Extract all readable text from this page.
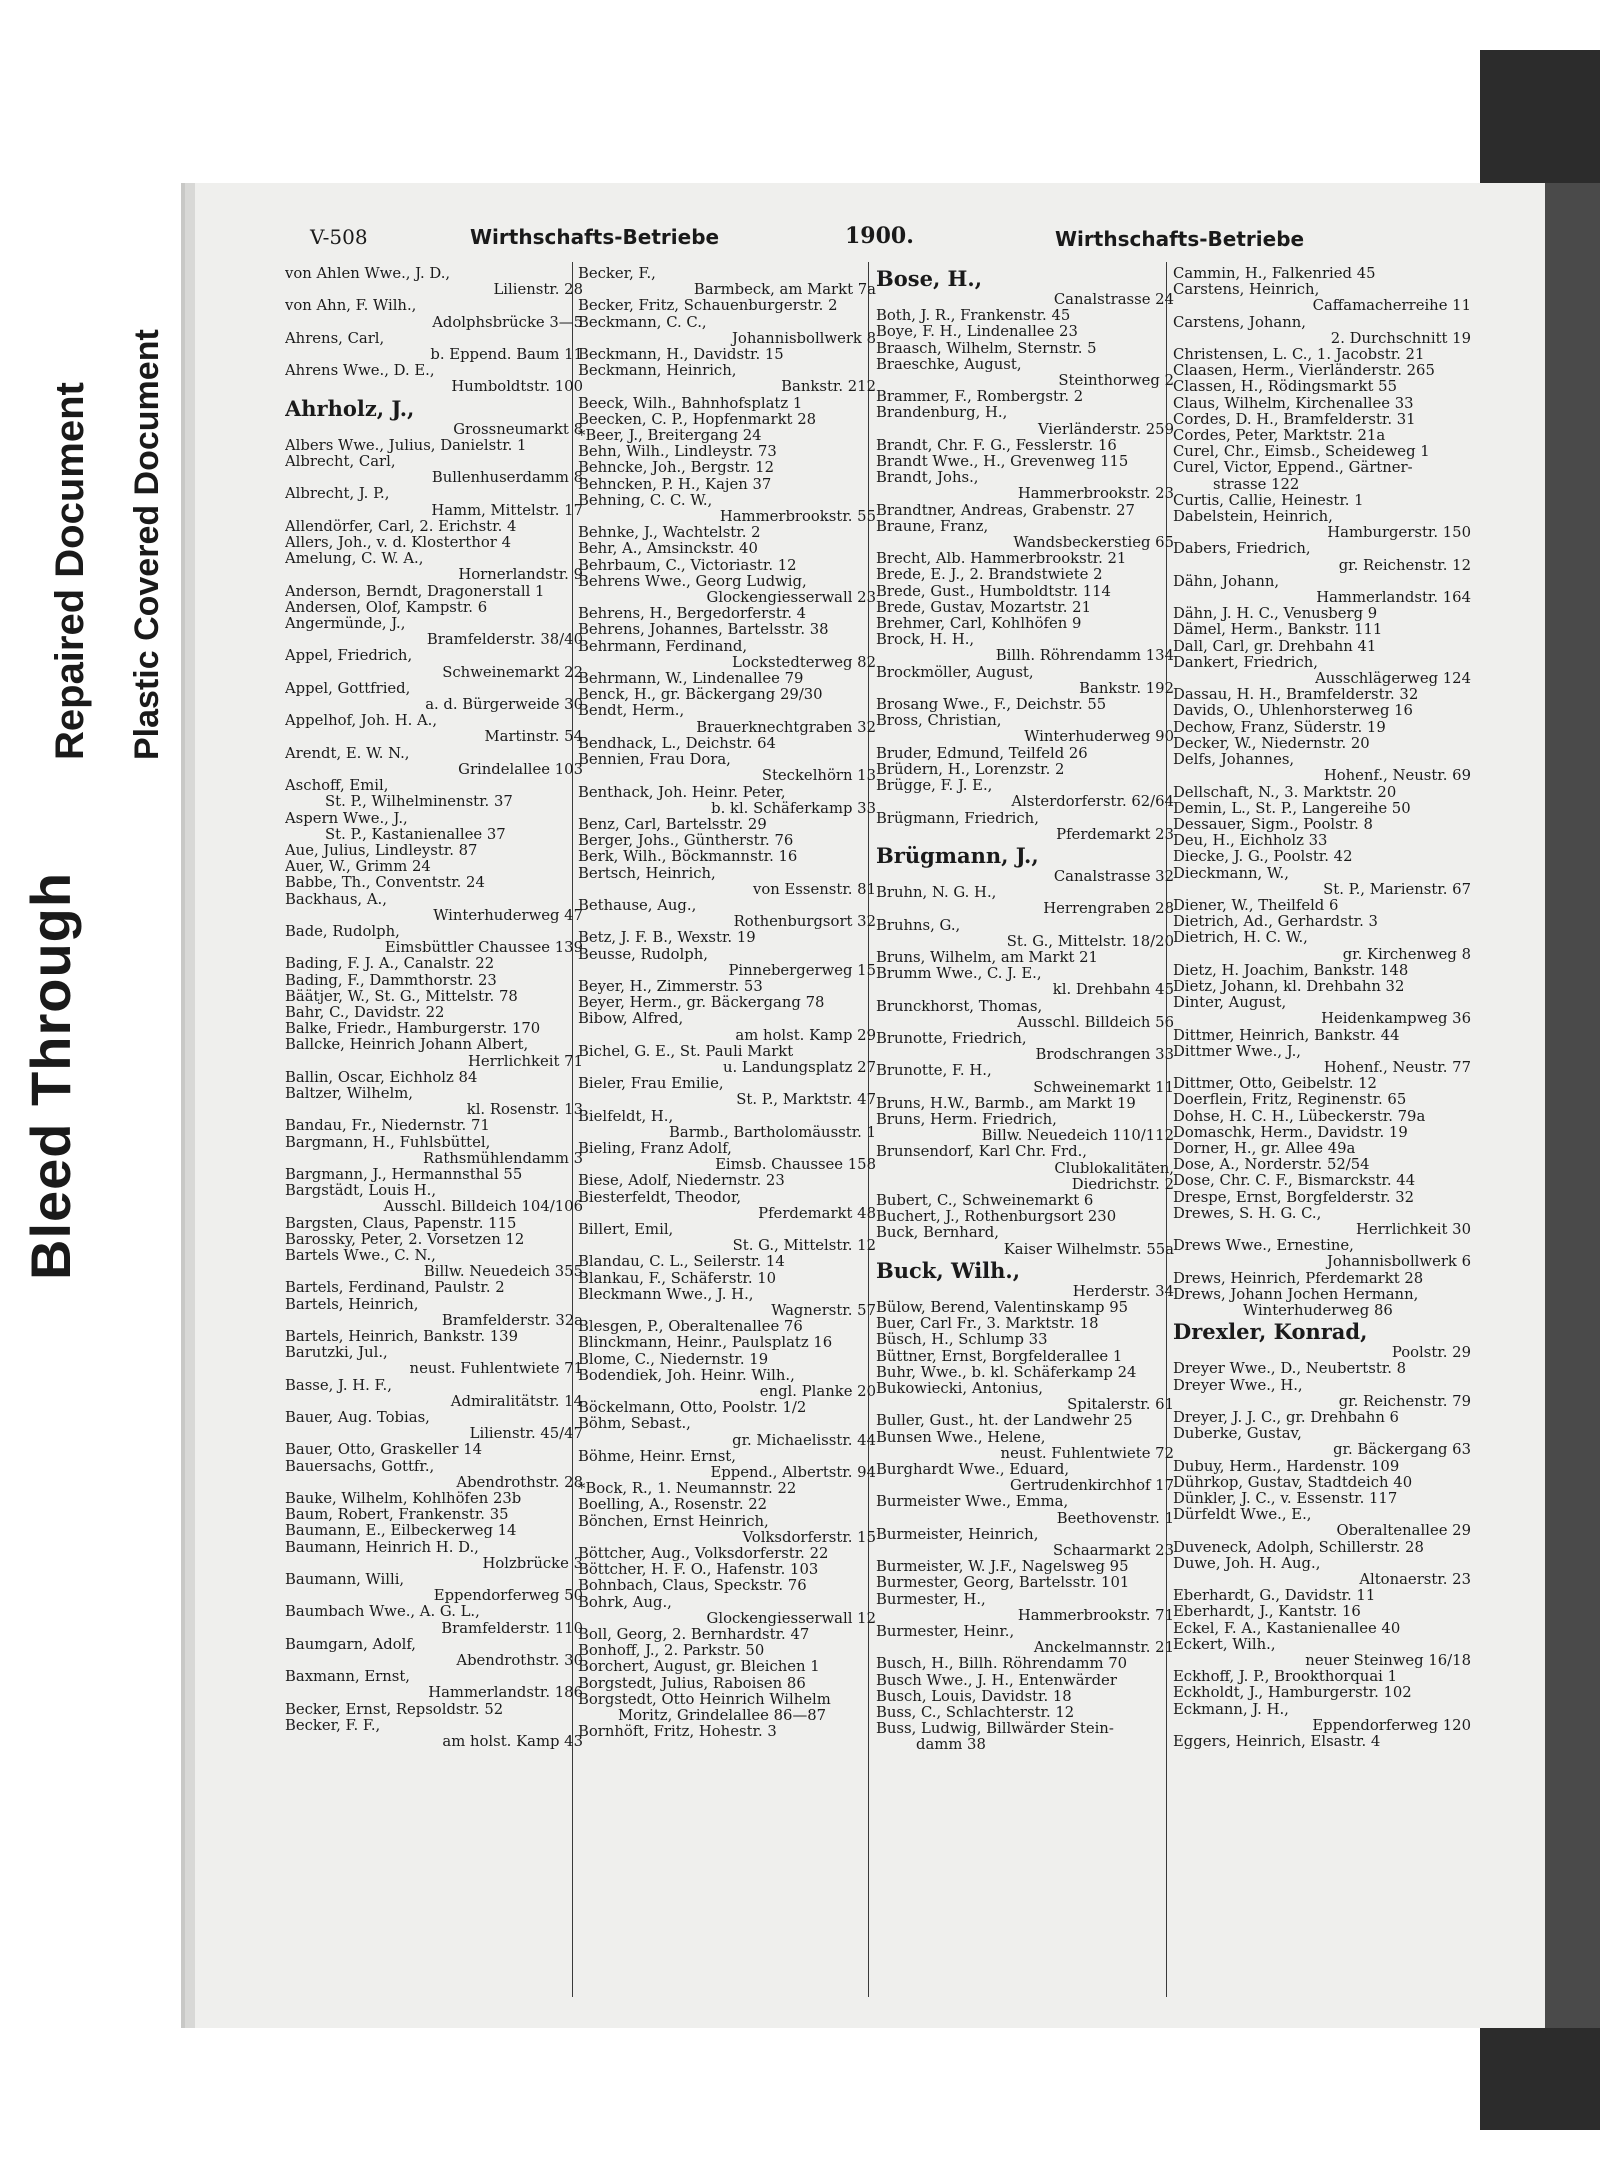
Bleed Through
Repaired Document Plastic Covered Document
V-508	Wirthschafts-Betriebe	1900.	Wirthschafts-Betriebe
von Ahlen Wwe., J. D.,
Lilienstr. 28
von Ahn, F. Wilh.,
Adolphsbrücke 3—5
Ahrens, Carl,
b. Eppend. Baum 11
Ahrens Wwe., D. E.,
Humboldtstr. 100
Ahrholz, J.,
Grossneumarkt 8
Albers Wwe., Julius, Danielstr. 1
Albrecht, Carl,
Bullenhuserdamm 8
Albrecht, J. P.,
Hamm, Mittelstr. 17
Allendörfer, Carl, 2. Erichstr. 4
Allers, Joh., v. d. Klosterthor 4
Amelung, C. W. A.,
Hornerlandstr. 9
Anderson, Berndt, Dragonerstall 1
Andersen, Olof, Kampstr. 6
Angermünde, J.,
Bramfelderstr. 38/40
Appel, Friedrich,
Schweinemarkt 22
Appel, Gottfried,
a. d. Bürgerweide 30
Appelhof, Joh. H. A.,
Martinstr. 54
Arendt, E. W. N.,
Grindelallee 103
Aschoff, Emil,
St. P., Wilhelminenstr. 37
Aspern Wwe., J.,
St. P., Kastanienallee 37
Aue, Julius, Lindleystr. 87
Auer, W., Grimm 24
Babbe, Th., Conventstr. 24
Backhaus, A.,
Winterhuderweg 47
Bade, Rudolph,
Eimsbüttler Chaussee 139
Bading, F. J. A., Canalstr. 22
Bading, F., Dammthorstr. 23
Bäätjer, W., St. G., Mittelstr. 78
Bahr, C., Davidstr. 22
Balke, Friedr., Hamburgerstr. 170
Ballcke, Heinrich Johann Albert,
Herrlichkeit 71
Ballin, Oscar, Eichholz 84
Baltzer, Wilhelm,
kl. Rosenstr. 13
Bandau, Fr., Niedernstr. 71
Bargmann, H., Fuhlsbüttel,
Rathsmühlendamm 3
Bargmann, J., Hermannsthal 55
Bargstädt, Louis H.,
Ausschl. Billdeich 104/106
Bargsten, Claus, Papenstr. 115
Barossky, Peter, 2. Vorsetzen 12
Bartels Wwe., C. N.,
Billw. Neuedeich 355
Bartels, Ferdinand, Paulstr. 2
Bartels, Heinrich,
Bramfelderstr. 32a
Bartels, Heinrich, Bankstr. 139
Barutzki, Jul.,
neust. Fuhlentwiete 71
Basse, J. H. F.,
Admiralitätstr. 14
Bauer, Aug. Tobias,
Lilienstr. 45/47
Bauer, Otto, Graskeller 14
Bauersachs, Gottfr.,
Abendrothstr. 28
Bauke, Wilhelm, Kohlhöfen 23b
Baum, Robert, Frankenstr. 35
Baumann, E., Eilbeckerweg 14
Baumann, Heinrich H. D.,
Holzbrücke 3
Baumann, Willi,
Eppendorferweg 50
Baumbach Wwe., A. G. L.,
Bramfelderstr. 110
Baumgarn, Adolf,
Abendrothstr. 30
Baxmann, Ernst,
Hammerlandstr. 186
Becker, Ernst, Repsoldstr. 52
Becker, F. F.,
am holst. Kamp 43
Becker, F.,
Barmbeck, am Markt 7a
Becker, Fritz, Schauenburgerstr. 2
Beckmann, C. C.,
Johannisbollwerk 8
Beckmann, H., Davidstr. 15
Beckmann, Heinrich,
Bankstr. 212
Beeck, Wilh., Bahnhofsplatz 1
Beecken, C. P., Hopfenmarkt 28
*Beer, J., Breitergang 24
Behn, Wilh., Lindleystr. 73
Behncke, Joh., Bergstr. 12
Behncken, P. H., Kajen 37
Behning, C. C. W.,
Hammerbrookstr. 55
Behnke, J., Wachtelstr. 2
Behr, A., Amsinckstr. 40
Behrbaum, C., Victoriastr. 12
Behrens Wwe., Georg Ludwig,
Glockengiesserwall 23
Behrens, H., Bergedorferstr. 4
Behrens, Johannes, Bartelsstr. 38
Behrmann, Ferdinand,
Lockstedterweg 82
Behrmann, W., Lindenallee 79
Benck, H., gr. Bäckergang 29/30
Bendt, Herm.,
Brauerknechtgraben 32
Bendhack, L., Deichstr. 64
Bennien, Frau Dora,
Steckelhörn 13
Benthack, Joh. Heinr. Peter,
b. kl. Schäferkamp 33
Benz, Carl, Bartelsstr. 29
Berger, Johs., Güntherstr. 76
Berk, Wilh., Böckmannstr. 16
Bertsch, Heinrich,
von Essenstr. 81
Bethause, Aug.,
Rothenburgsort 32
Betz, J. F. B., Wexstr. 19
Beusse, Rudolph,
Pinnebergerweg 15
Beyer, H., Zimmerstr. 53
Beyer, Herm., gr. Bäckergang 78
Bibow, Alfred,
am holst. Kamp 29
Bichel, G. E., St. Pauli Markt
u. Landungsplatz 27
Bieler, Frau Emilie,
St. P., Marktstr. 47
Bielfeldt, H.,
Barmb., Bartholomäusstr. 1
Bieling, Franz Adolf,
Eimsb. Chaussee 158
Biese, Adolf, Niedernstr. 23
Biesterfeldt, Theodor,
Pferdemarkt 48
Billert, Emil,
St. G., Mittelstr. 12
Blandau, C. L., Seilerstr. 14
Blankau, F., Schäferstr. 10
Bleckmann Wwe., J. H.,
Wagnerstr. 57
Blesgen, P., Oberaltenallee 76
Blinckmann, Heinr., Paulsplatz 16
Blome, C., Niedernstr. 19
Bodendiek, Joh. Heinr. Wilh.,
engl. Planke 20
Böckelmann, Otto, Poolstr. 1/2
Böhm, Sebast.,
gr. Michaelisstr. 44
Böhme, Heinr. Ernst,
Eppend., Albertstr. 94
*Bock, R., 1. Neumannstr. 22
Boelling, A., Rosenstr. 22
Bönchen, Ernst Heinrich,
Volksdorferstr. 15
Böttcher, Aug., Volksdorferstr. 22
Böttcher, H. F. O., Hafenstr. 103
Bohnbach, Claus, Speckstr. 76
Bohrk, Aug.,
Glockengiesserwall 12
Boll, Georg, 2. Bernhardstr. 47
Bonhoff, J., 2. Parkstr. 50
Borchert, August, gr. Bleichen 1
Borgstedt, Julius, Raboisen 86
Borgstedt, Otto Heinrich Wilhelm
Moritz, Grindelallee 86—87
Bornhöft, Fritz, Hohestr. 3
Bose, H.,
Canalstrasse 24
Both, J. R., Frankenstr. 45
Boye, F. H., Lindenallee 23
Braasch, Wilhelm, Sternstr. 5
Braeschke, August,
Steinthorweg 2
Brammer, F., Rombergstr. 2
Brandenburg, H.,
Vierländerstr. 259
Brandt, Chr. F. G., Fesslerstr. 16
Brandt Wwe., H., Grevenweg 115
Brandt, Johs.,
Hammerbrookstr. 23
Brandtner, Andreas, Grabenstr. 27
Braune, Franz,
Wandsbeckerstieg 65
Brecht, Alb. Hammerbrookstr. 21
Brede, E. J., 2. Brandstwiete 2
Brede, Gust., Humboldtstr. 114
Brede, Gustav, Mozartstr. 21
Brehmer, Carl, Kohlhöfen 9
Brock, H. H.,
Billh. Röhrendamm 134
Brockmöller, August,
Bankstr. 192
Brosang Wwe., F., Deichstr. 55
Bross, Christian,
Winterhuderweg 90
Bruder, Edmund, Teilfeld 26
Brüdern, H., Lorenzstr. 2
Brügge, F. J. E.,
Alsterdorferstr. 62/64
Brügmann, Friedrich,
Pferdemarkt 23
Brügmann, J.,
Canalstrasse 32
Bruhn, N. G. H.,
Herrengraben 28
Bruhns, G.,
St. G., Mittelstr. 18/20
Bruns, Wilhelm, am Markt 21
Brumm Wwe., C. J. E.,
kl. Drehbahn 45
Brunckhorst, Thomas,
Ausschl. Billdeich 56
Brunotte, Friedrich,
Brodschrangen 33
Brunotte, F. H.,
Schweinemarkt 11
Bruns, H.W., Barmb., am Markt 19
Bruns, Herm. Friedrich,
Billw. Neuedeich 110/112
Brunsendorf, Karl Chr. Frd.,
Clublokalitäten,
Diedrichstr. 2
Bubert, C., Schweinemarkt 6
Buchert, J., Rothenburgsort 230
Buck, Bernhard,
Kaiser Wilhelmstr. 55a
Buck, Wilh.,
Herderstr. 34
Bülow, Berend, Valentinskamp 95
Buer, Carl Fr., 3. Marktstr. 18
Büsch, H., Schlump 33
Büttner, Ernst, Borgfelderallee 1
Buhr, Wwe., b. kl. Schäferkamp 24
Bukowiecki, Antonius,
Spitalerstr. 61
Buller, Gust., ht. der Landwehr 25
Bunsen Wwe., Helene,
neust. Fuhlentwiete 72
Burghardt Wwe., Eduard,
Gertrudenkirchhof 17
Burmeister Wwe., Emma,
Beethovenstr. 1
Burmeister, Heinrich,
Schaarmarkt 23
Burmeister, W. J.F., Nagelsweg 95
Burmester, Georg, Bartelsstr. 101
Burmester, H.,
Hammerbrookstr. 71
Burmester, Heinr.,
Anckelmannstr. 21
Busch, H., Billh. Röhrendamm 70
Busch Wwe., J. H., Entenwärder
Busch, Louis, Davidstr. 18
Buss, C., Schlachterstr. 12
Buss, Ludwig, Billwärder Stein-
damm 38
Cammin, H., Falkenried 45
Carstens, Heinrich,
Caffamacherreihe 11
Carstens, Johann,
2. Durchschnitt 19
Christensen, L. C., 1. Jacobstr. 21
Claasen, Herm., Vierländerstr. 265
Classen, H., Rödingsmarkt 55
Claus, Wilhelm, Kirchenallee 33
Cordes, D. H., Bramfelderstr. 31
Cordes, Peter, Marktstr. 21a
Curel, Chr., Eimsb., Scheideweg 1
Curel, Victor, Eppend., Gärtner-
strasse 122
Curtis, Callie, Heinestr. 1
Dabelstein, Heinrich,
Hamburgerstr. 150
Dabers, Friedrich,
gr. Reichenstr. 12
Dähn, Johann,
Hammerlandstr. 164
Dähn, J. H. C., Venusberg 9
Dämel, Herm., Bankstr. 111
Dall, Carl, gr. Drehbahn 41
Dankert, Friedrich,
Ausschlägerweg 124
Dassau, H. H., Bramfelderstr. 32
Davids, O., Uhlenhorsterweg 16
Dechow, Franz, Süderstr. 19
Decker, W., Niedernstr. 20
Delfs, Johannes,
Hohenf., Neustr. 69
Dellschaft, N., 3. Marktstr. 20
Demin, L., St. P., Langereihe 50
Dessauer, Sigm., Poolstr. 8
Deu, H., Eichholz 33
Diecke, J. G., Poolstr. 42
Dieckmann, W.,
St. P., Marienstr. 67
Diener, W., Theilfeld 6
Dietrich, Ad., Gerhardstr. 3
Dietrich, H. C. W.,
gr. Kirchenweg 8
Dietz, H. Joachim, Bankstr. 148
Dietz, Johann, kl. Drehbahn 32
Dinter, August,
Heidenkampweg 36
Dittmer, Heinrich, Bankstr. 44
Dittmer Wwe., J.,
Hohenf., Neustr. 77
Dittmer, Otto, Geibelstr. 12
Doerflein, Fritz, Reginenstr. 65
Dohse, H. C. H., Lübeckerstr. 79a
Domaschk, Herm., Davidstr. 19
Dorner, H., gr. Allee 49a
Dose, A., Norderstr. 52/54
Dose, Chr. C. F., Bismarckstr. 44
Drespe, Ernst, Borgfelderstr. 32
Drewes, S. H. G. C.,
Herrlichkeit 30
Drews Wwe., Ernestine,
Johannisbollwerk 6
Drews, Heinrich, Pferdemarkt 28
Drews, Johann Jochen Hermann,
Winterhuderweg 86
Drexler, Konrad,
Poolstr. 29
Dreyer Wwe., D., Neubertstr. 8
Dreyer Wwe., H.,
gr. Reichenstr. 79
Dreyer, J. J. C., gr. Drehbahn 6
Duberke, Gustav,
gr. Bäckergang 63
Dubuy, Herm., Hardenstr. 109
Dührkop, Gustav, Stadtdeich 40
Dünkler, J. C., v. Essenstr. 117
Dürfeldt Wwe., E.,
Oberaltenallee 29
Duveneck, Adolph, Schillerstr. 28
Duwe, Joh. H. Aug.,
Altonaerstr. 23
Eberhardt, G., Davidstr. 11
Eberhardt, J., Kantstr. 16
Eckel, F. A., Kastanienallee 40
Eckert, Wilh.,
neuer Steinweg 16/18
Eckhoff, J. P., Brookthorquai 1
Eckholdt, J., Hamburgerstr. 102
Eckmann, J. H.,
Eppendorferweg 120
Eggers, Heinrich, Elsastr. 4
